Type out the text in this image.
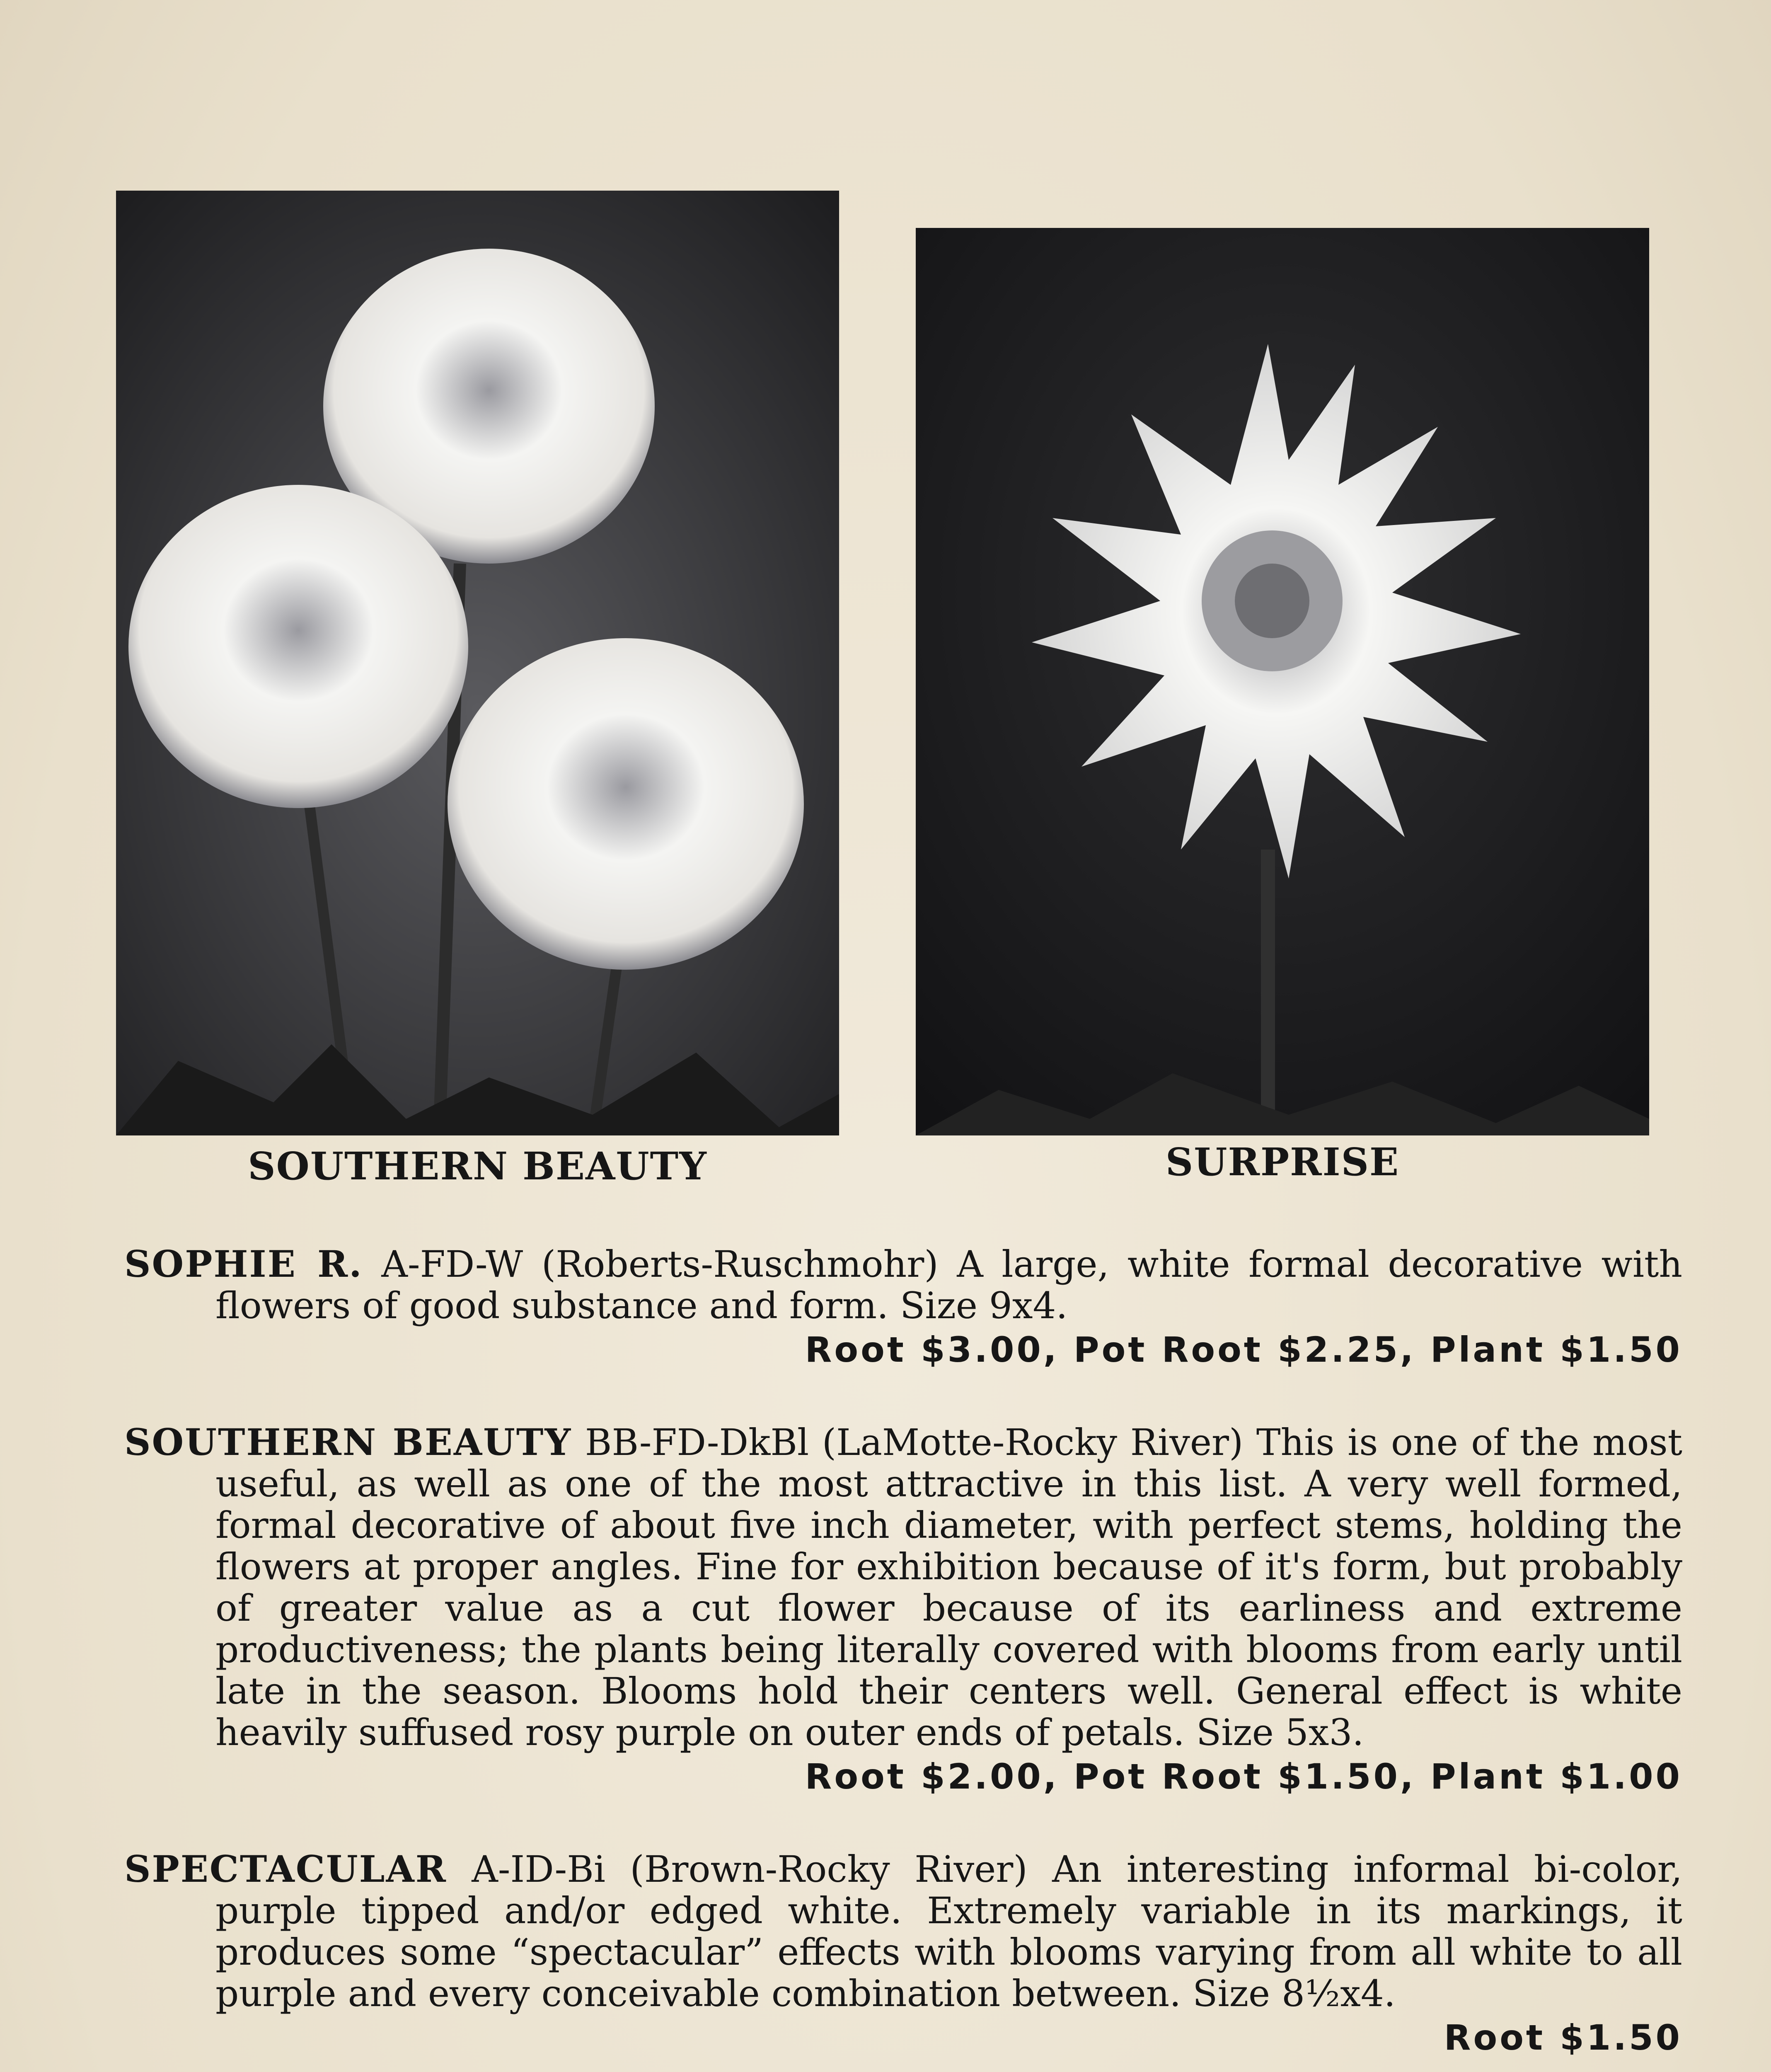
SOUTHERN BEAUTY	SURPRISE

SOPHIE R. A-FD-W (Roberts-Ruschmohr) A large, white formal decorative with flowers of good substance and form. Size 9x4.

Root $3.00, Pot Root $2.25, Plant $1.50

SOUTHERN BEAUTY BB-FD-DkBl (LaMotte-Rocky River) This is one of the most useful, as well as one of the most attractive in this list. A very well formed, formal decorative of about five inch diameter, with perfect stems, holding the flowers at proper angles. Fine for exhibition because of it's form, but probably of greater value as a cut flower because of its earliness and extreme productiveness; the plants being literally covered with blooms from early until late in the season. Blooms hold their centers well. General effect is white heavily suffused rosy purple on outer ends of petals. Size 5x3.

Root $2.00, Pot Root $1.50, Plant $1.00

SPECTACULAR A-ID-Bi (Brown-Rocky River) An interesting informal bi-color, purple tipped and/or edged white. Extremely variable in its markings, it produces some “spectacular” effects with blooms varying from all white to all purple and every conceivable combination between. Size 8½x4.

Root $1.50
